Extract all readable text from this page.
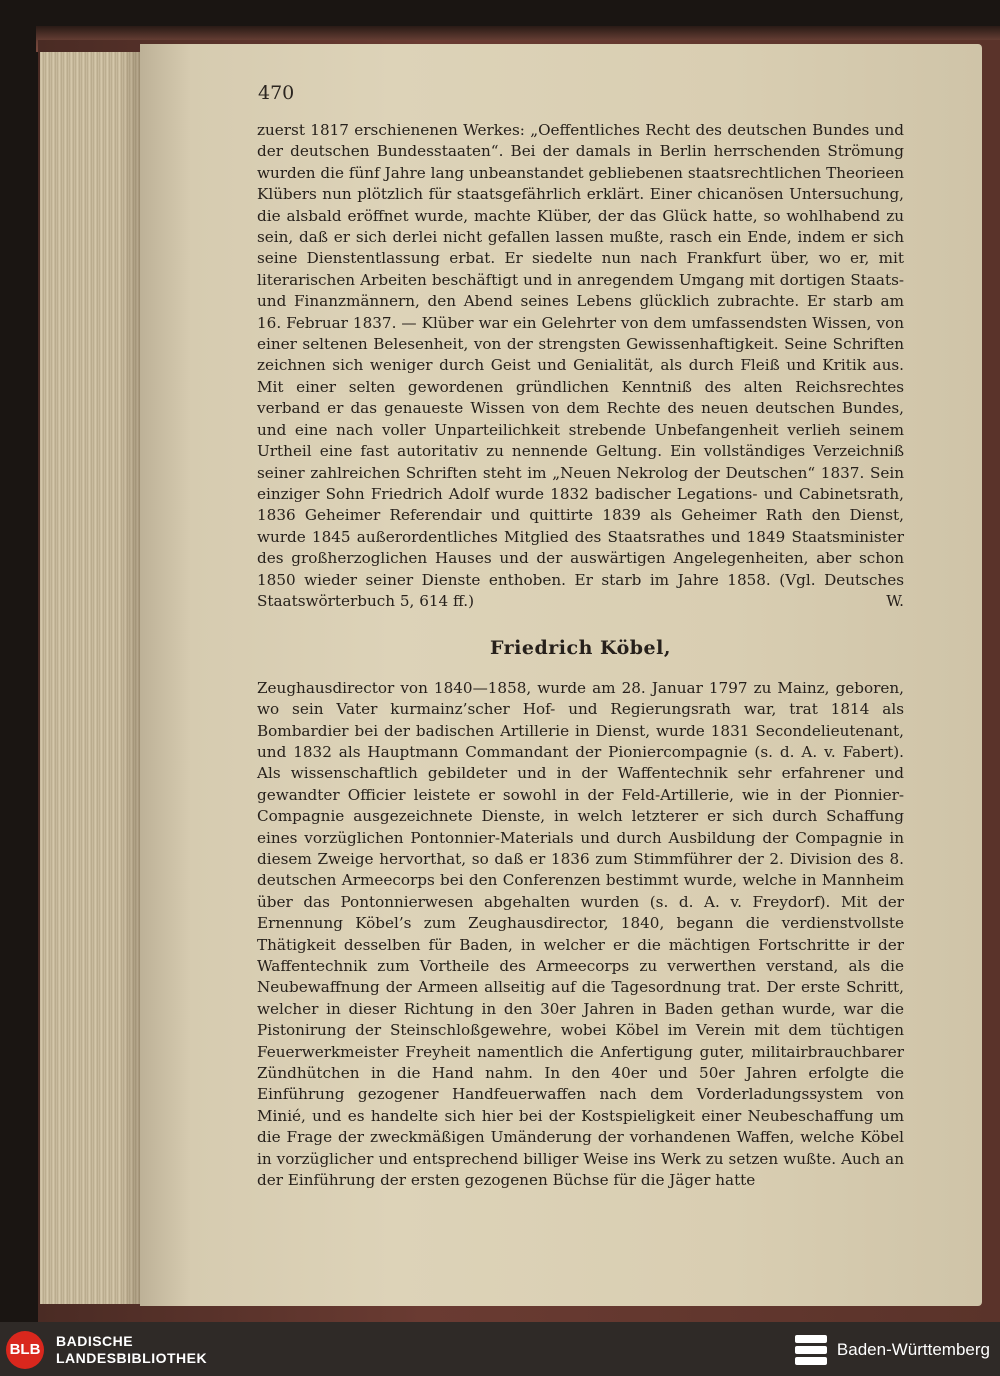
470

zuerst 1817 erschienenen Werkes: „Oeffentliches Recht des deutschen Bundes und der deutschen Bundesstaaten“. Bei der damals in Berlin herrschenden Strömung wurden die fünf Jahre lang unbeanstandet gebliebenen staatsrechtlichen Theorieen Klübers nun plötzlich für staatsgefährlich erklärt. Einer chicanösen Untersuchung, die alsbald eröffnet wurde, machte Klüber, der das Glück hatte, so wohlhabend zu sein, daß er sich derlei nicht gefallen lassen mußte, rasch ein Ende, indem er sich seine Dienstentlassung erbat. Er siedelte nun nach Frankfurt über, wo er, mit literarischen Arbeiten beschäftigt und in anregendem Umgang mit dortigen Staats- und Finanzmännern, den Abend seines Lebens glücklich zubrachte. Er starb am 16. Februar 1837. — Klüber war ein Gelehrter von dem umfassendsten Wissen, von einer seltenen Belesenheit, von der strengsten Gewissenhaftigkeit. Seine Schriften zeichnen sich weniger durch Geist und Genialität, als durch Fleiß und Kritik aus. Mit einer selten gewordenen gründlichen Kenntniß des alten Reichsrechtes verband er das genaueste Wissen von dem Rechte des neuen deutschen Bundes, und eine nach voller Unparteilichkeit strebende Unbefangenheit verlieh seinem Urtheil eine fast autoritativ zu nennende Geltung. Ein vollständiges Verzeichniß seiner zahlreichen Schriften steht im „Neuen Nekrolog der Deutschen“ 1837. Sein einziger Sohn Friedrich Adolf wurde 1832 badischer Legations- und Cabinetsrath, 1836 Geheimer Referendair und quittirte 1839 als Geheimer Rath den Dienst, wurde 1845 außerordentliches Mitglied des Staatsrathes und 1849 Staatsminister des großherzoglichen Hauses und der auswärtigen Angelegenheiten, aber schon 1850 wieder seiner Dienste enthoben. Er starb im Jahre 1858. (Vgl. Deutsches Staatswörterbuch 5, 614 ff.)	W.

Friedrich Köbel,

Zeughausdirector von 1840—1858, wurde am 28. Januar 1797 zu Mainz, geboren, wo sein Vater kurmainz’scher Hof- und Regierungsrath war, trat 1814 als Bombardier bei der badischen Artillerie in Dienst, wurde 1831 Secondelieutenant, und 1832 als Hauptmann Commandant der Pioniercompagnie (s. d. A. v. Fabert). Als wissenschaftlich gebildeter und in der Waffentechnik sehr erfahrener und gewandter Officier leistete er sowohl in der Feld-Artillerie, wie in der Pionnier-Compagnie ausgezeichnete Dienste, in welch letzterer er sich durch Schaffung eines vorzüglichen Pontonnier-Materials und durch Ausbildung der Compagnie in diesem Zweige hervorthat, so daß er 1836 zum Stimmführer der 2. Division des 8. deutschen Armeecorps bei den Conferenzen bestimmt wurde, welche in Mannheim über das Pontonnierwesen abgehalten wurden (s. d. A. v. Freydorf). Mit der Ernennung Köbel’s zum Zeughausdirector, 1840, begann die verdienstvollste Thätigkeit desselben für Baden, in welcher er die mächtigen Fortschritte ir der Waffentechnik zum Vortheile des Armeecorps zu verwerthen verstand, als die Neubewaffnung der Armeen allseitig auf die Tagesordnung trat. Der erste Schritt, welcher in dieser Richtung in den 30er Jahren in Baden gethan wurde, war die Pistonirung der Steinschloßgewehre, wobei Köbel im Verein mit dem tüchtigen Feuerwerkmeister Freyheit namentlich die Anfertigung guter, militairbrauchbarer Zündhütchen in die Hand nahm. In den 40er und 50er Jahren erfolgte die Einführung gezogener Handfeuerwaffen nach dem Vorderladungssystem von Minié, und es handelte sich hier bei der Kostspieligkeit einer Neubeschaffung um die Frage der zweckmäßigen Umänderung der vorhandenen Waffen, welche Köbel in vorzüglicher und entsprechend billiger Weise ins Werk zu setzen wußte. Auch an der Einführung der ersten gezogenen Büchse für die Jäger hatte

BLB BADISCHE
LANDESBIBLIOTHEK	Baden-Württemberg
